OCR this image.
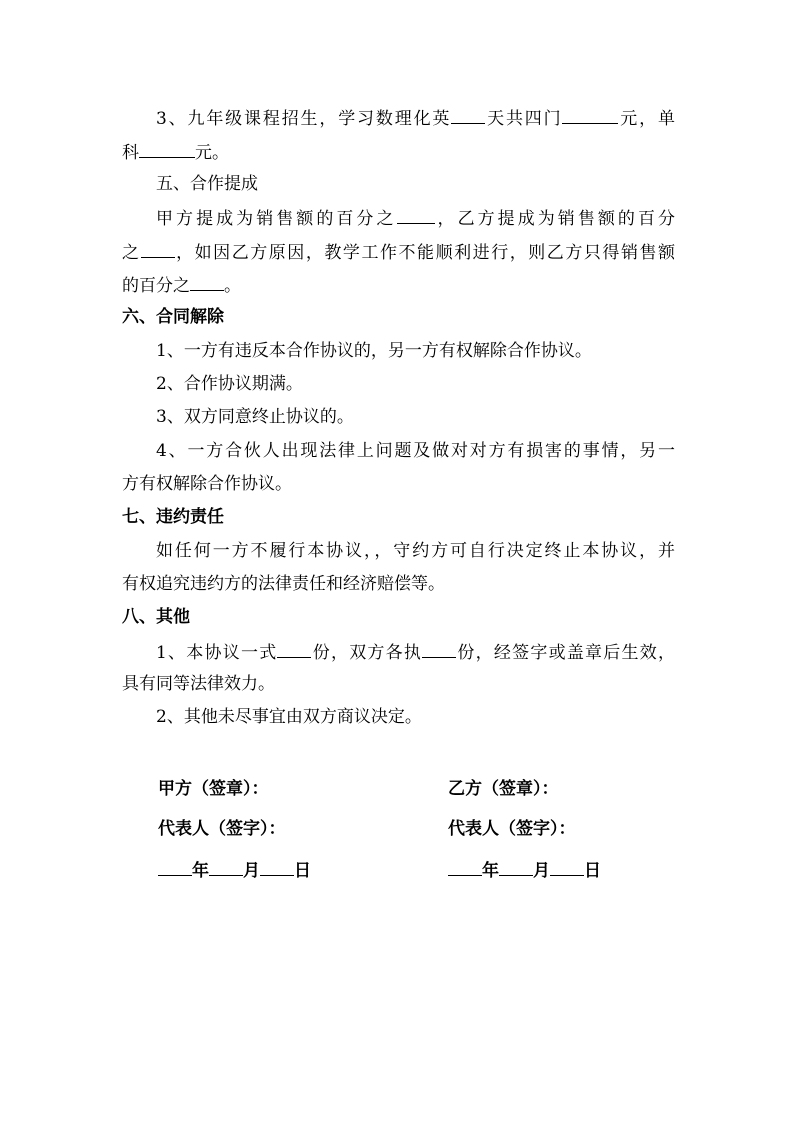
3、九年级课程招生，学习数理化英 天共四门	元，单
科	元。
五、合作提成
甲方提成为销售额的百分之 ，乙方提成为销售额的百分
之 ，如因乙方原因，教学工作不能顺利进行，则乙方只得销售额
的百分之 。
六、合同解除
1、一方有违反本合作协议的，另一方有权解除合作协议。
2、合作协议期满。
3、双方同意终止协议的。
4、一方合伙人出现法律上问题及做对对方有损害的事情，另一
方有权解除合作协议。
七、违约责任
如任何一方不履行本协议，，守约方可自行决定终止本协议，并
有权追究违约方的法律责任和经济赔偿等。
八、其他
1、本协议一式 份，双方各执 份，经签字或盖章后生效，
具有同等法律效力。
2、其他未尽事宜由双方商议决定。
甲方（签章）：	乙方（签章）：
代表人（签字）：	代表人（签字）：
年 月 日	年 月 日
